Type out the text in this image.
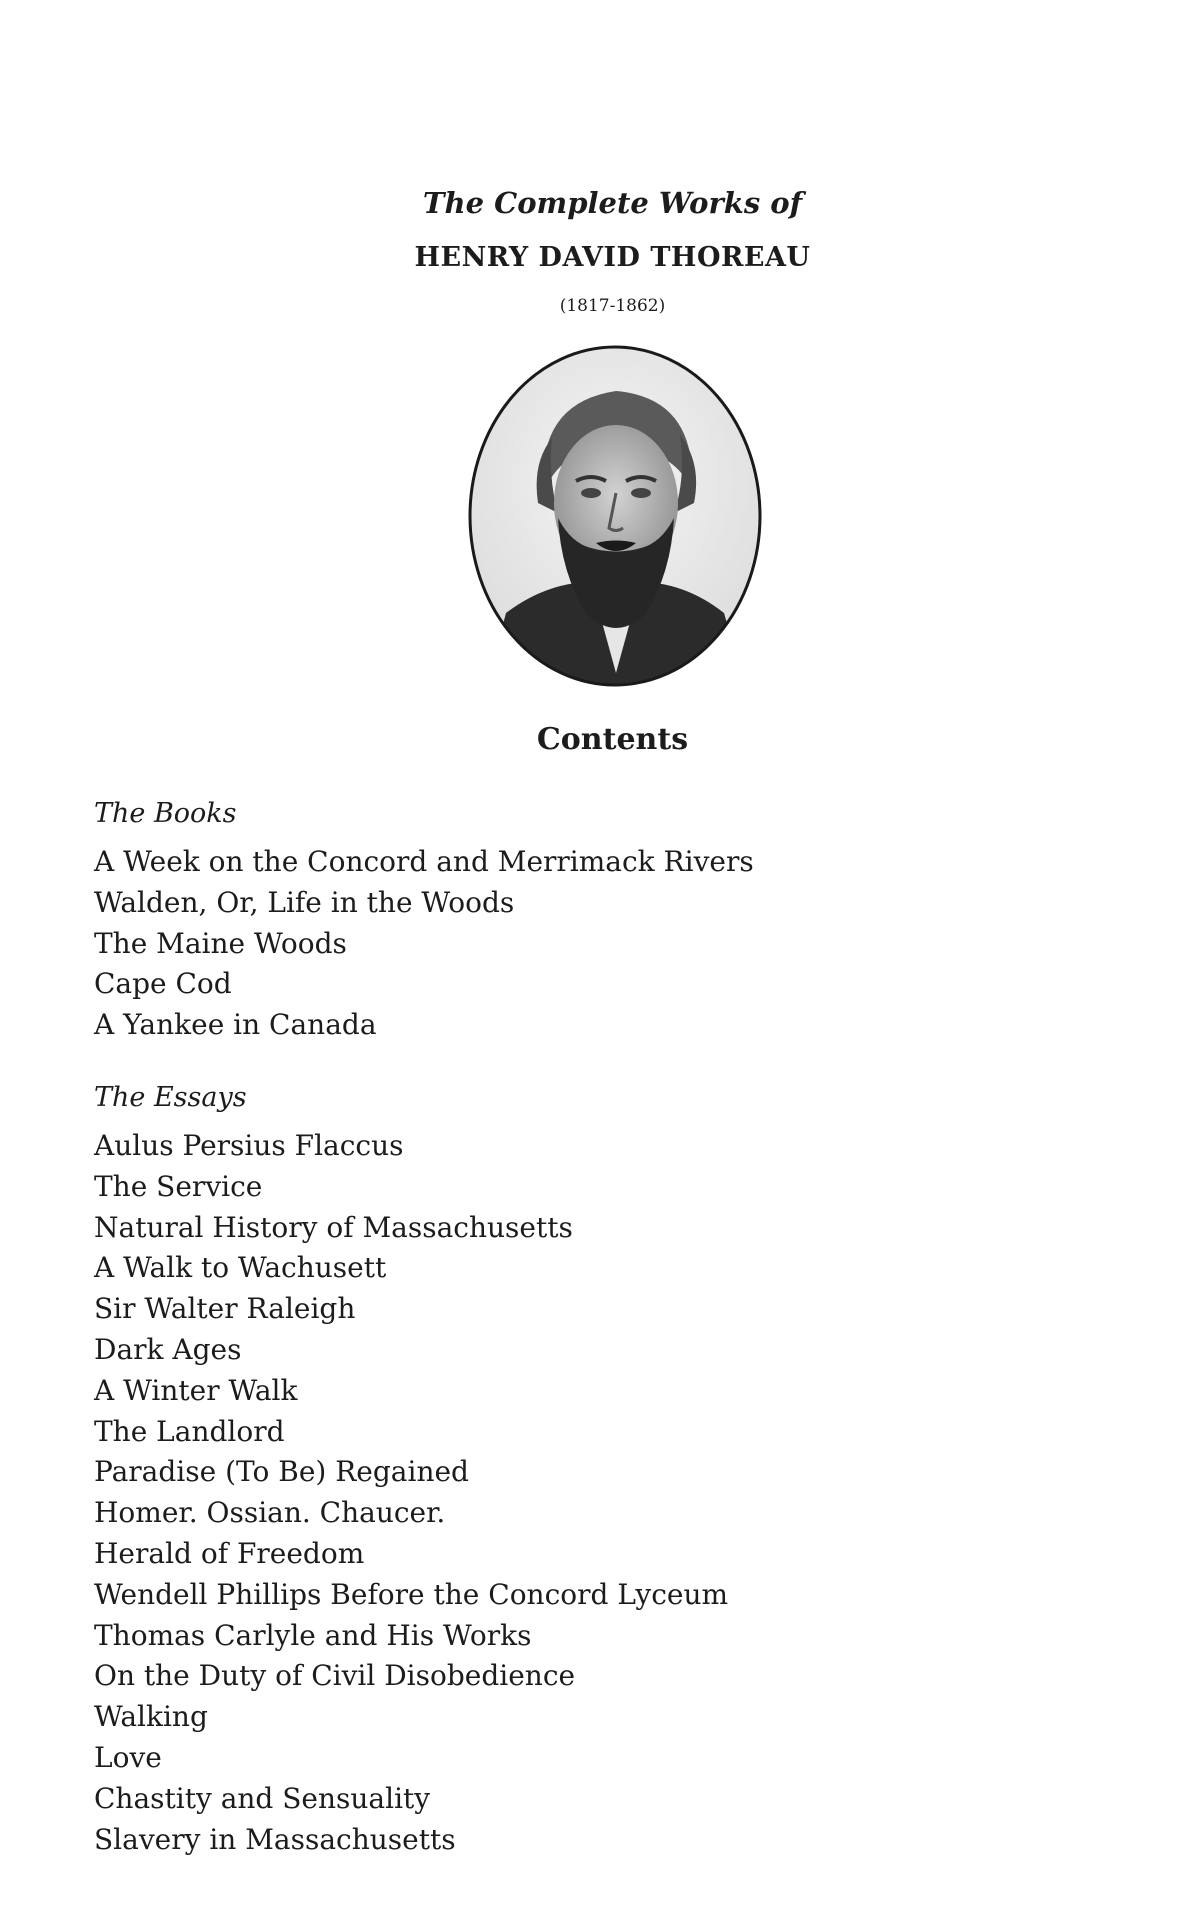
The Complete Works of
HENRY DAVID THOREAU
(1817-1862)
Contents
The Books
A Week on the Concord and Merrimack Rivers
Walden, Or, Life in the Woods
The Maine Woods
Cape Cod
A Yankee in Canada
The Essays
Aulus Persius Flaccus
The Service
Natural History of Massachusetts
A Walk to Wachusett
Sir Walter Raleigh
Dark Ages
A Winter Walk
The Landlord
Paradise (To Be) Regained
Homer. Ossian. Chaucer.
Herald of Freedom
Wendell Phillips Before the Concord Lyceum
Thomas Carlyle and His Works
On the Duty of Civil Disobedience
Walking
Love
Chastity and Sensuality
Slavery in Massachusetts
